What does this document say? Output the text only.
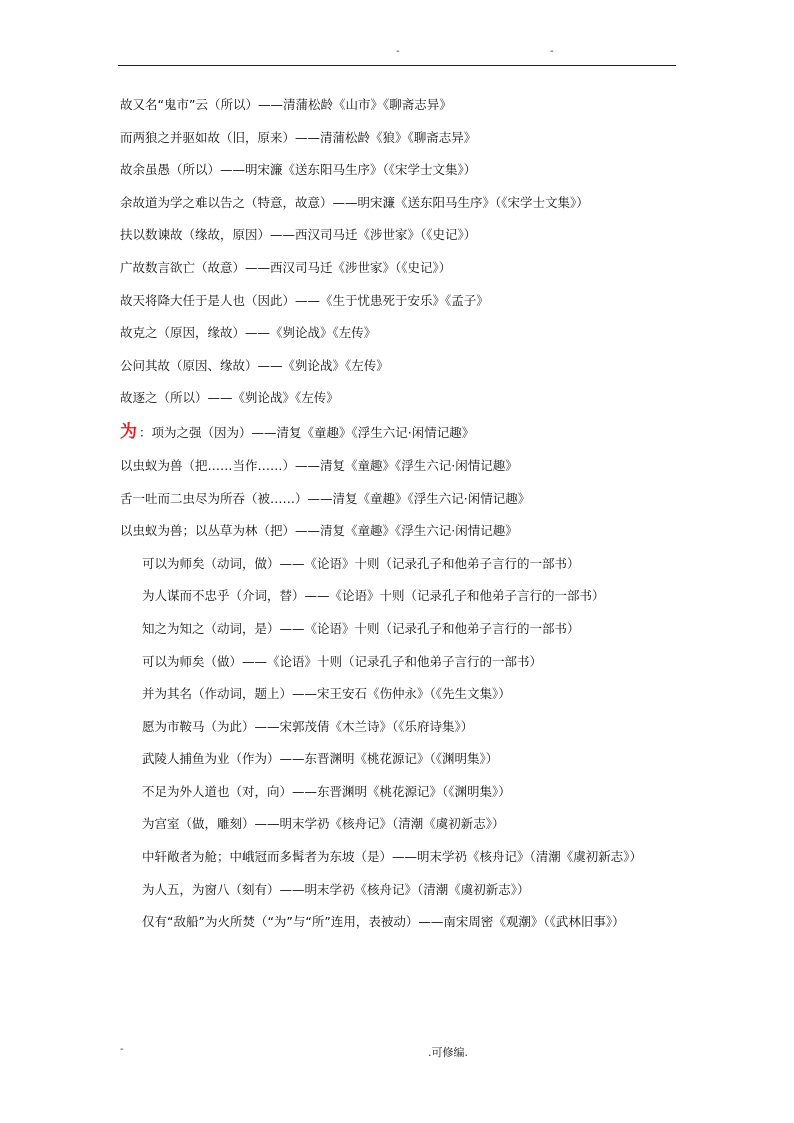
-	-
故又名“鬼市”云（所以）——清蒲松龄《山市》《聊斋志异》
而两狼之并驱如故（旧，原来）——清蒲松龄《狼》《聊斋志异》
故余虽愚（所以）——明宋濂《送东阳马生序》（《宋学士文集》）
余故道为学之难以告之（特意，故意）——明宋濂《送东阳马生序》（《宋学士文集》）
扶以数谏故（缘故，原因）——西汉司马迁《涉世家》（《史记》）
广故数言欲亡（故意）——西汉司马迁《涉世家》（《史记》）
故天将降大任于是人也（因此）——《生于忧患死于安乐》《孟子》
故克之（原因，缘故）——《刿论战》《左传》
公问其故（原因、缘故）——《刿论战》《左传》
故逐之（所以）——《刿论战》《左传》
为 ：项为之强（因为）——清复《童趣》《浮生六记·闲情记趣》
以虫蚁为兽（把……当作……）——清复《童趣》《浮生六记·闲情记趣》
舌一吐而二虫尽为所吞（被……）——清复《童趣》《浮生六记·闲情记趣》
以虫蚁为兽；以丛草为林（把）——清复《童趣》《浮生六记·闲情记趣》
可以为师矣（动词，做）——《论语》十则（记录孔子和他弟子言行的一部书）
为人谋而不忠乎（介词，替）——《论语》十则（记录孔子和他弟子言行的一部书）
知之为知之（动词，是）——《论语》十则（记录孔子和他弟子言行的一部书）
可以为师矣（做）——《论语》十则（记录孔子和他弟子言行的一部书）
并为其名（作动词，题上）——宋王安石《伤仲永》（《先生文集》）
愿为市鞍马（为此）——宋郭茂倩《木兰诗》（《乐府诗集》）
武陵人捕鱼为业（作为）——东晋渊明《桃花源记》（《渊明集》）
不足为外人道也（对，向）——东晋渊明《桃花源记》（《渊明集》）
为宫室（做，雕刻）——明末学礽《核舟记》（清潮《虞初新志》）
中轩敞者为舱；中峨冠而多髯者为东坡（是）——明末学礽《核舟记》（清潮《虞初新志》）
为人五，为窗八（刻有）——明末学礽《核舟记》（清潮《虞初新志》）
仅有“敌船”为火所焚（“为”与“所”连用，表被动）——南宋周密《观潮》（《武林旧事》）
-	.可修编.
